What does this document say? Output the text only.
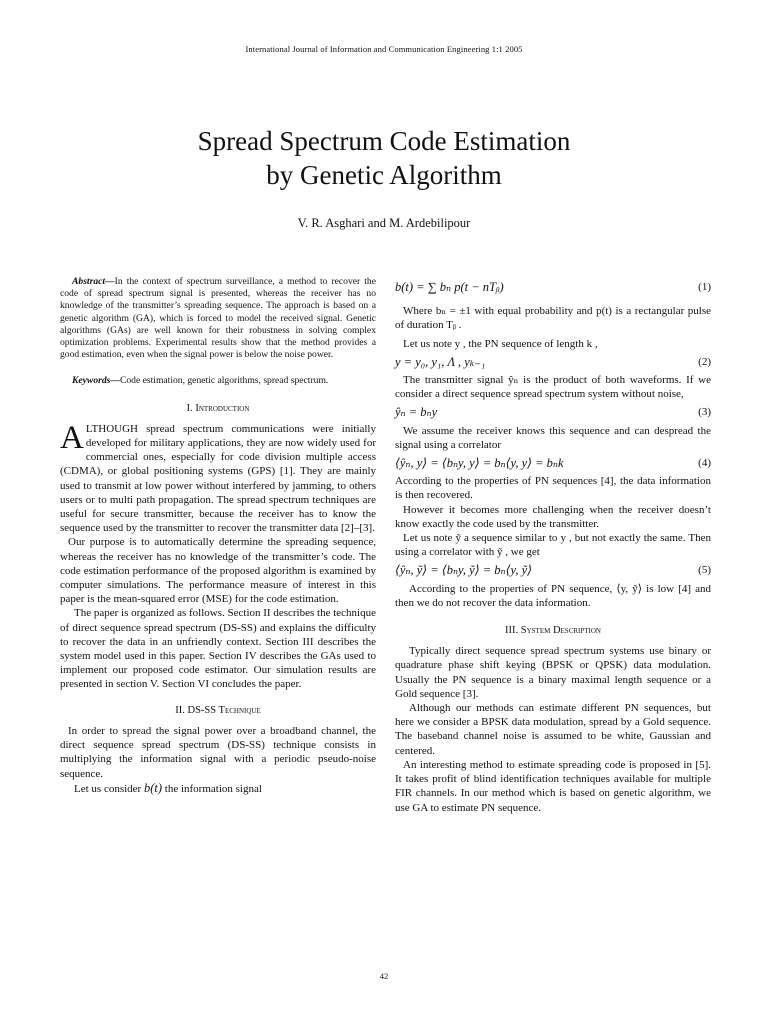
International Journal of Information and Communication Engineering 1:1 2005
Spread Spectrum Code Estimation
by Genetic Algorithm
V. R. Asghari and M. Ardebilipour

Abstract—In the context of spectrum surveillance, a method to recover the code of spread spectrum signal is presented, whereas the receiver has no knowledge of the transmitter’s spreading sequence. The approach is based on a genetic algorithm (GA), which is forced to model the received signal. Genetic algorithms (GAs) are well known for their robustness in solving complex optimization problems. Experimental results show that the method provides a good estimation, even when the signal power is below the noise power.

Keywords—Code estimation, genetic algorithms, spread spectrum.

I. Introduction

ALTHOUGH spread spectrum communications were initially developed for military applications, they are now widely used for commercial ones, especially for code division multiple access (CDMA), or global positioning systems (GPS) [1]. They are mainly used to transmit at low power without interfered by jamming, to others users or to multi path propagation. The spread spectrum techniques are useful for secure transmitter, because the receiver has to know the sequence used by the transmitter to recover the transmitter data [2]–[3].

Our purpose is to automatically determine the spreading sequence, whereas the receiver has no knowledge of the transmitter’s code. The code estimation performance of the proposed algorithm is examined by computer simulations. The performance measure of interest in this paper is the mean-squared error (MSE) for the code estimation.

The paper is organized as follows. Section II describes the technique of direct sequence spread spectrum (DS-SS) and explains the difficulty to recover the data in an unfriendly context. Section III describes the system model used in this paper. Section IV describes the GAs used to implement our proposed code estimator. Our simulation results are presented in section V. Section VI concludes the paper.

II. DS-SS Technique

In order to spread the signal power over a broadband channel, the direct sequence spread spectrum (DS-SS) technique consists in multiplying the information signal with a periodic pseudo-noise sequence.

Let us consider b(t) the information signal

b(t) = ∑ bₙ p(t − nTᵦ)	(1)

Where bₙ = ±1 with equal probability and p(t) is a rectangular pulse of duration Tᵦ .

Let us note y , the PN sequence of length k ,

y = y₀, y₁, Λ , yₖ₋₁	(2)

The transmitter signal ŷₙ is the product of both waveforms. If we consider a direct sequence spread spectrum system without noise,

ŷₙ = bₙy	(3)

We assume the receiver knows this sequence and can despread the signal using a correlator

⟨ŷₙ, y⟩ = ⟨bₙy, y⟩ = bₙ⟨y, y⟩ = bₙk	(4)

According to the properties of PN sequences [4], the data information is then recovered.

However it becomes more challenging when the receiver doesn’t know exactly the code used by the transmitter.

Let us note ỹ a sequence similar to y , but not exactly the same. Then using a correlator with ỹ , we get

⟨ŷₙ, ỹ⟩ = ⟨bₙy, ỹ⟩ = bₙ⟨y, ỹ⟩	(5)

According to the properties of PN sequence, ⟨y, ỹ⟩ is low [4] and then we do not recover the data information.

III. System Description

Typically direct sequence spread spectrum systems use binary or quadrature phase shift keying (BPSK or QPSK) data modulation. Usually the PN sequence is a binary maximal length sequence or a Gold sequence [3].

Although our methods can estimate different PN sequences, but here we consider a BPSK data modulation, spread by a Gold sequence. The baseband channel noise is assumed to be white, Gaussian and centered.

An interesting method to estimate spreading code is proposed in [5]. It takes profit of blind identification techniques available for multiple FIR channels. In our method which is based on genetic algorithm, we use GA to estimate PN sequence.

42
